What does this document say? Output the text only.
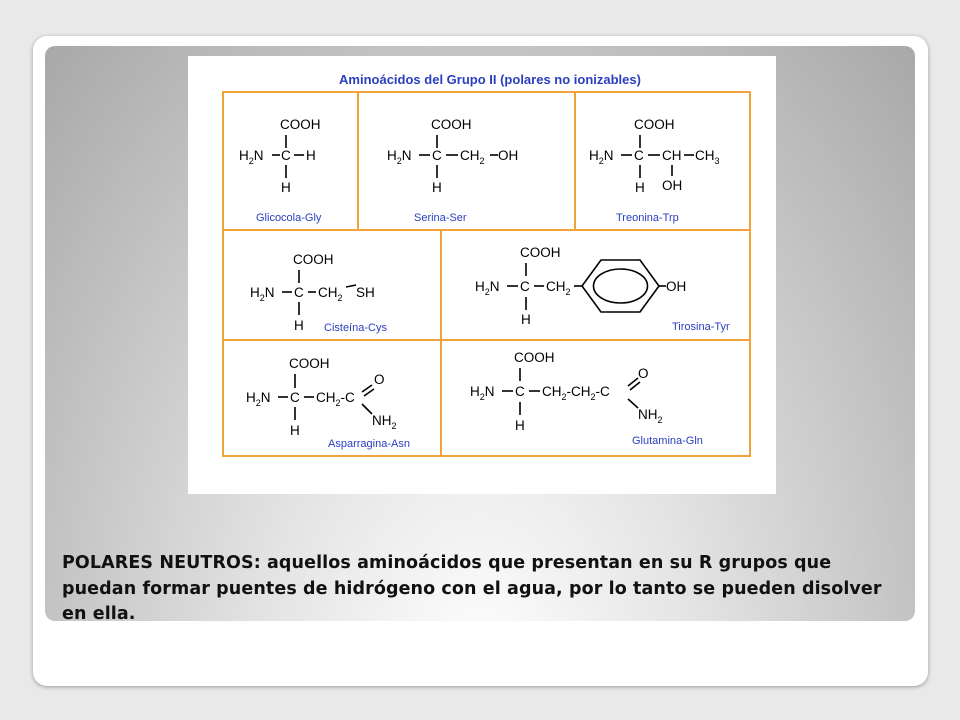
Aminoácidos del Grupo II (polares no ionizables)
COOH
$H_2N$ C H
H
Glicocola-Gly
COOH
$H_2N$ C $CH_2$ OH
H
Serina-Ser
COOH
$H_2N$ C CH $CH_3$
H OH
Treonina-Trp
COOH
$H_2N$ C $CH_2$ SH
H Cisteína-Cys
COOH
$H_2N$ C $CH_2$	OH
H	Tirosina-Tyr
COOH
$H_2N$ C $CH_2-C$
O
$NH_2$
H
Asparragina-Asn
COOH
$H_2N$ C $CH_2-CH_2-C$
O
$NH_2$
H
Glutamina-Gln

POLARES NEUTROS: aquellos aminoácidos que presentan en su R grupos que puedan formar puentes de hidrógeno con el agua, por lo tanto se pueden disolver en ella.
